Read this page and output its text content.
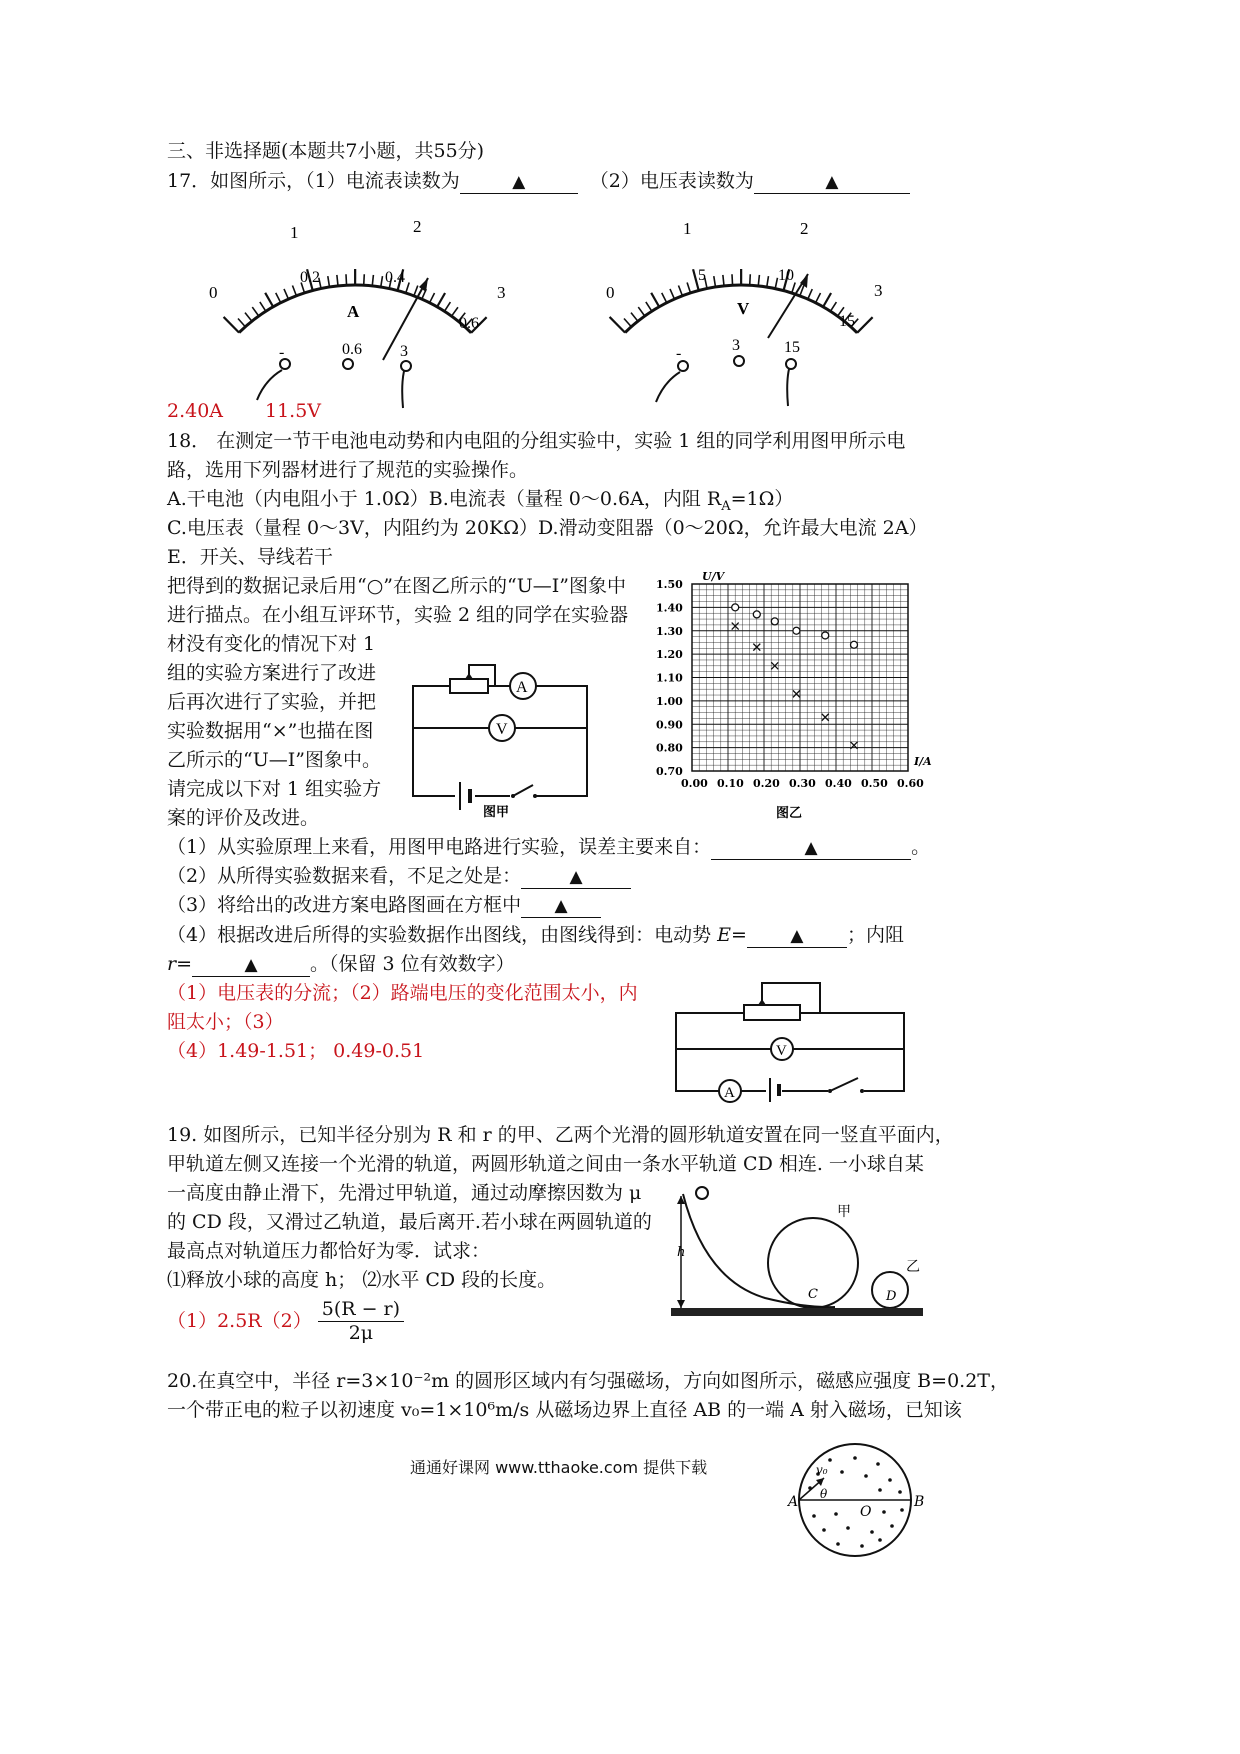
三、非选择题(本题共7小题，共55分)
17．如图所示，（1）电流表读数为	▲	（2）电压表读数为	▲
0
1	2
0.2	0.4
3
0.6
A
-	0.6 3
0
1	2
5	10
3
15
V
-	3	15
2.40A 11.5V
18． 在测定一节干电池电动势和内电阻的分组实验中，实验 1 组的同学利用图甲所示电
路，选用下列器材进行了规范的实验操作。
A.干电池（内电阻小于 1.0Ω）B.电流表（量程 0～0.6A，内阻 $R_A=1\Omega$）
C.电压表（量程 0～3V，内阻约为 20KΩ）D.滑动变阻器（0～20Ω，允许最大电流 2A）
E．开关、导线若干
把得到的数据记录后用“○”在图乙所示的“U—I”图象中
进行描点。在小组互评环节，实验 2 组的同学在实验器
材没有变化的情况下对 1
组的实验方案进行了改进
后再次进行了实验，并把
实验数据用“×”也描在图
乙所示的“U—I”图象中。
请完成以下对 1 组实验方
案的评价及改进。
A
V
图甲
0.00 0.10 0.20 0.30 0.40 0.50 0.60
0.70
0.80
0.90
1.00
1.10
1.20
1.30
1.40
1.50
U/V
I/A
图乙
（1）从实验原理上来看，用图甲电路进行实验，误差主要来自：	▲	。
（2）从所得实验数据来看，不足之处是：	▲
（3）将给出的改进方案电路图画在方框中 ▲
（4）根据改进后所得的实验数据作出图线，由图线得到：电动势 E=	▲ ；内阻
r=	▲	。（保留 3 位有效数字）
（1）电压表的分流；（2）路端电压的变化范围太小，内
阻太小；（3）
（4）1.49-1.51； 0.49-0.51	V
A
19. 如图所示，已知半径分别为 R 和 r 的甲、乙两个光滑的圆形轨道安置在同一竖直平面内，
甲轨道左侧又连接一个光滑的轨道，两圆形轨道之间由一条水平轨道 CD 相连. 一小球自某
一高度由静止滑下，先滑过甲轨道，通过动摩擦因数为 μ
的 CD 段，又滑过乙轨道，最后离开.若小球在两圆轨道的
最高点对轨道压力都恰好为零．试求：
⑴释放小球的高度 h； ⑵水平 CD 段的长度。
$(1)2.5R(2) \frac{5(R - r)}{2\mu}$
h
甲
乙
C	D
20.在真空中，半径 r=3×10⁻²m 的圆形区域内有匀强磁场，方向如图所示，磁感应强度 B=0.2T，
一个带正电的粒子以初速度 v₀=1×10⁶m/s 从磁场边界上直径 AB 的一端 A 射入磁场，已知该
A	B
O
v₀
θ
通通好课网 www.tthaoke.com 提供下载
